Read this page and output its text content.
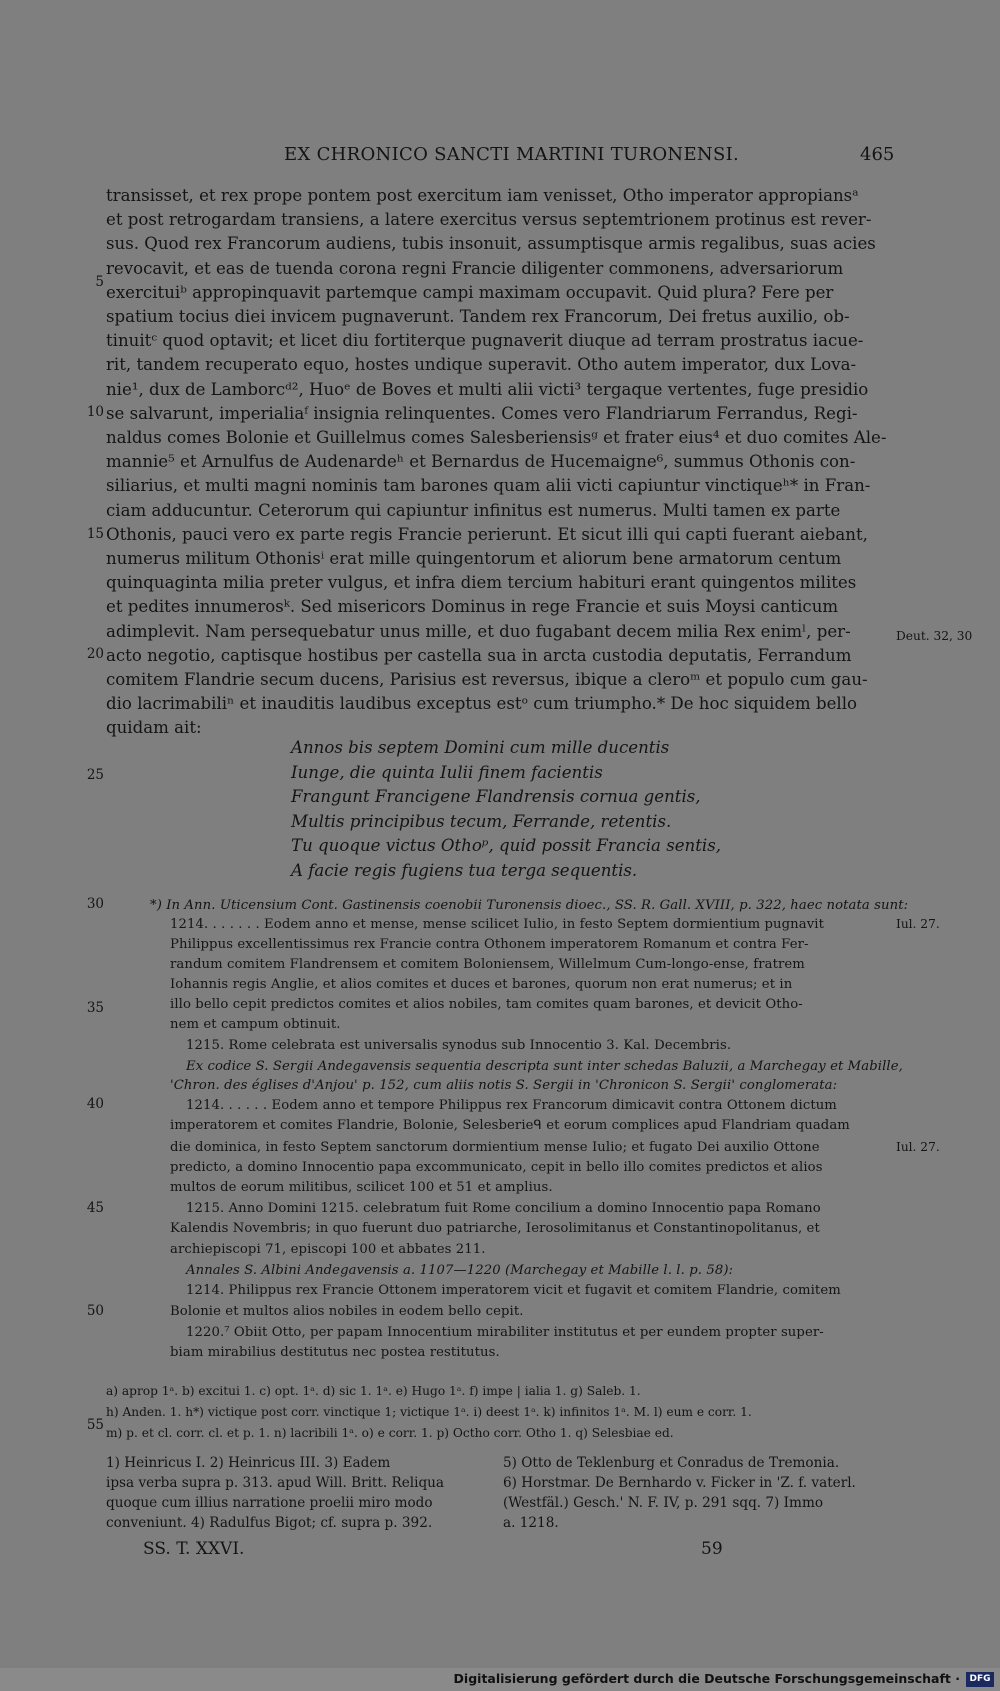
EX CHRONICO SANCTI MARTINI TURONENSI.	465
5
10
15
20
25
30
35
40
45
50
55
transisset, et rex prope pontem post exercitum iam venisset, Otho imperator appropiansᵃ
et post retrogardam transiens, a latere exercitus versus septemtrionem protinus est rever-
sus. Quod rex Francorum audiens, tubis insonuit, assumptisque armis regalibus, suas acies
revocavit, et eas de tuenda corona regni Francie diligenter commonens, adversariorum
exercituiᵇ appropinquavit partemque campi maximam occupavit. Quid plura? Fere per
spatium tocius diei invicem pugnaverunt. Tandem rex Francorum, Dei fretus auxilio, ob-
tinuitᶜ quod optavit; et licet diu fortiterque pugnaverit diuque ad terram prostratus iacue-
rit, tandem recuperato equo, hostes undique superavit. Otho autem imperator, dux Lova-
nie¹, dux de Lamborcᵈ², Huoᵉ de Boves et multi alii victi³ tergaque vertentes, fuge presidio
se salvarunt, imperialiaᶠ insignia relinquentes. Comes vero Flandriarum Ferrandus, Regi-
naldus comes Bolonie et Guillelmus comes Salesberiensisᵍ et frater eius⁴ et duo comites Ale-
mannie⁵ et Arnulfus de Audenardeʰ et Bernardus de Hucemaigne⁶, summus Othonis con-
siliarius, et multi magni nominis tam barones quam alii victi capiuntur vinctiqueʰ* in Fran-
ciam adducuntur. Ceterorum qui capiuntur infinitus est numerus. Multi tamen ex parte
Othonis, pauci vero ex parte regis Francie perierunt. Et sicut illi qui capti fuerant aiebant,
numerus militum Othonisⁱ erat mille quingentorum et aliorum bene armatorum centum
quinquaginta milia preter vulgus, et infra diem tercium habituri erant quingentos milites
et pedites innumerosᵏ. Sed misericors Dominus in rege Francie et suis Moysi canticum
adimplevit. Nam persequebatur unus mille, et duo fugabant decem milia Rex enimˡ, per-
acto negotio, captisque hostibus per castella sua in arcta custodia deputatis, Ferrandum
comitem Flandrie secum ducens, Parisius est reversus, ibique a cleroᵐ et populo cum gau-
dio lacrimabiliⁿ et inauditis laudibus exceptus estᵒ cum triumpho.* De hoc siquidem bello
quidam ait:
Annos bis septem Domini cum mille ducentis
Iunge, die quinta Iulii finem facientis
Frangunt Francigene Flandrensis cornua gentis,
Multis principibus tecum, Ferrande, retentis.
Tu quoque victus Othoᵖ, quid possit Francia sentis,
A facie regis fugiens tua terga sequentis.
Deut. 32, 30
Iul. 27.
Iul. 27.
*) In Ann. Uticensium Cont. Gastinensis coenobii Turonensis dioec., SS. R. Gall. XVIII, p. 322, haec notata sunt:
1214. . . . . . . Eodem anno et mense, mense scilicet Iulio, in festo Septem dormientium pugnavit
Philippus excellentissimus rex Francie contra Othonem imperatorem Romanum et contra Fer-
randum comitem Flandrensem et comitem Boloniensem, Willelmum Cum-longo-ense, fratrem
Iohannis regis Anglie, et alios comites et duces et barones, quorum non erat numerus; et in
illo bello cepit predictos comites et alios nobiles, tam comites quam barones, et devicit Otho-
nem et campum obtinuit.
1215. Rome celebrata est universalis synodus sub Innocentio 3. Kal. Decembris.
Ex codice S. Sergii Andegavensis sequentia descripta sunt inter schedas Baluzii, a Marchegay et Mabille,
'Chron. des églises d'Anjou' p. 152, cum aliis notis S. Sergii in 'Chronicon S. Sergii' conglomerata:
1214. . . . . . Eodem anno et tempore Philippus rex Francorum dimicavit contra Ottonem dictum
imperatorem et comites Flandrie, Bolonie, Selesberieᑫ et eorum complices apud Flandriam quadam
die dominica, in festo Septem sanctorum dormientium mense Iulio; et fugato Dei auxilio Ottone
predicto, a domino Innocentio papa excommunicato, cepit in bello illo comites predictos et alios
multos de eorum militibus, scilicet 100 et 51 et amplius.
1215. Anno Domini 1215. celebratum fuit Rome concilium a domino Innocentio papa Romano
Kalendis Novembris; in quo fuerunt duo patriarche, Ierosolimitanus et Constantinopolitanus, et
archiepiscopi 71, episcopi 100 et abbates 211.
Annales S. Albini Andegavensis a. 1107—1220 (Marchegay et Mabille l. l. p. 58):
1214. Philippus rex Francie Ottonem imperatorem vicit et fugavit et comitem Flandrie, comitem
Bolonie et multos alios nobiles in eodem bello cepit.
1220.⁷ Obiit Otto, per papam Innocentium mirabiliter institutus et per eundem propter super-
biam mirabilius destitutus nec postea restitutus.
a) aprop 1ᵃ. b) excitui 1. c) opt. 1ᵃ. d) sic 1. 1ᵃ. e) Hugo 1ᵃ. f) impe | ialia 1. g) Saleb. 1.
h) Anden. 1. h*) victique post corr. vinctique 1; victique 1ᵃ. i) deest 1ᵃ. k) infinitos 1ᵃ. M. l) eum e corr. 1.
m) p. et cl. corr. cl. et p. 1. n) lacribili 1ᵃ. o) e corr. 1. p) Octho corr. Otho 1. q) Selesbiae ed.
1) Heinricus I. 2) Heinricus III. 3) Eadem
ipsa verba supra p. 313. apud Will. Britt. Reliqua
quoque cum illius narratione proelii miro modo
conveniunt. 4) Radulfus Bigot; cf. supra p. 392.
5) Otto de Teklenburg et Conradus de Tremonia.
6) Horstmar. De Bernhardo v. Ficker in 'Z. f. vaterl.
(Westfäl.) Gesch.' N. F. IV, p. 291 sqq. 7) Immo
a. 1218.
SS. T. XXVI.	59
Digitalisierung gefördert durch die Deutsche Forschungsgemeinschaft ·	DFG
